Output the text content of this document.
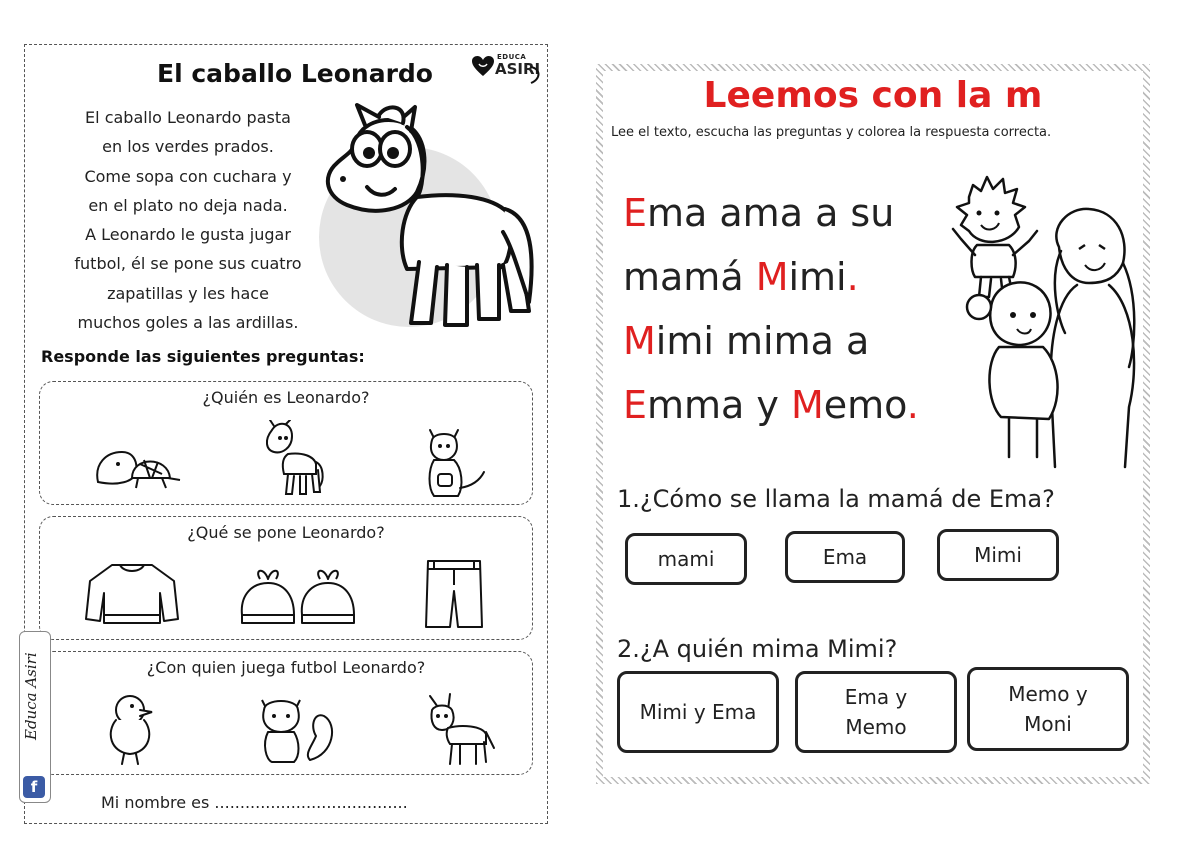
El caballo Leonardo
EDUCA
ASIRI
El caballo Leonardo pasta
en los verdes prados.
Come sopa con cuchara y
en el plato no deja nada.
A Leonardo le gusta jugar
futbol, él se pone sus cuatro
zapatillas y les hace
muchos goles a las ardillas.
Responde las siguientes preguntas:
¿Quién es Leonardo?
¿Qué se pone Leonardo?
¿Con quien juega futbol Leonardo?
Mi nombre es ......................................
Educa Asiri
f
Leemos con la m
Lee el texto, escucha las preguntas y colorea la respuesta correcta.
Ema ama a su
mamá Mimi.
Mimi mima a
Emma y Memo.
1.¿Cómo se llama la mamá de Ema?
mami	Ema	Mimi
2.¿A quién mima Mimi?
Mimi y Ema
Ema y Memo
Memo y Moni
